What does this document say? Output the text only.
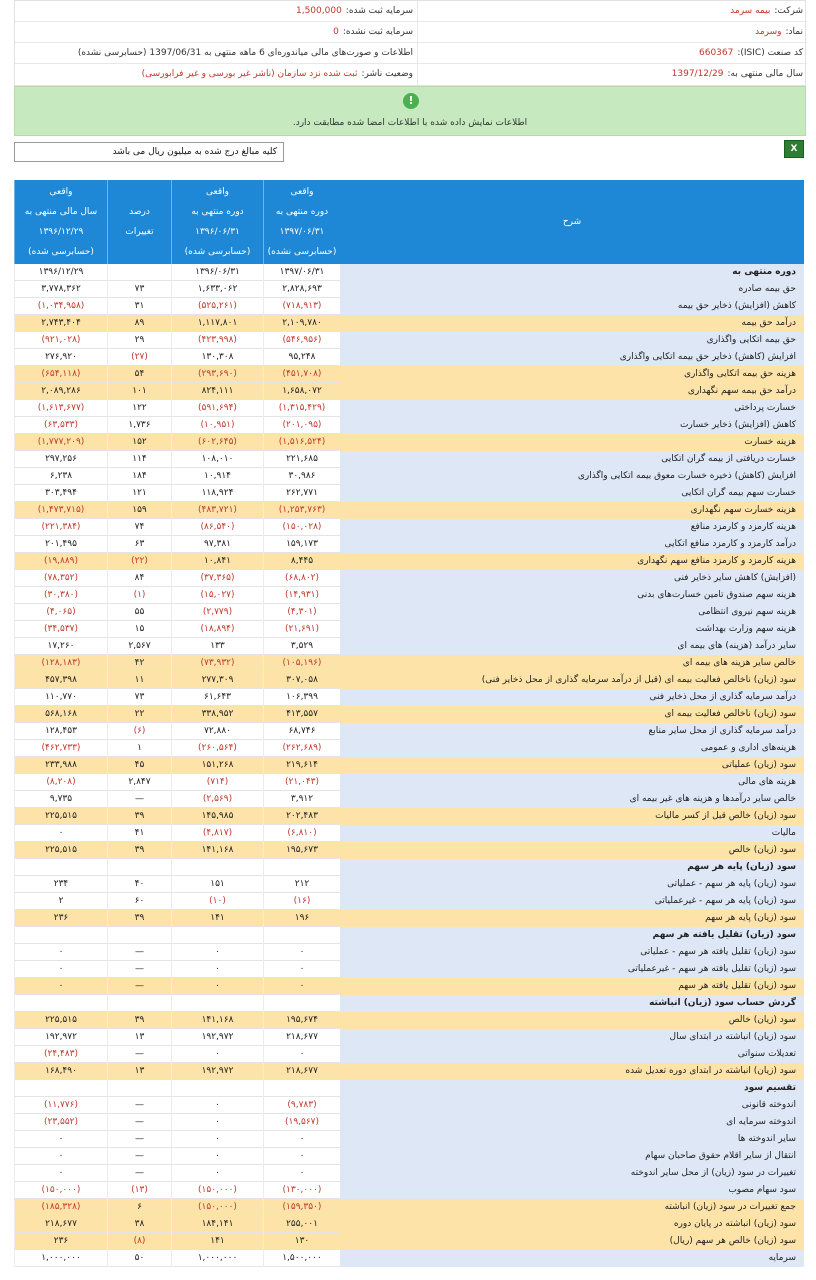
شرکت:بیمه سرمد
سرمایه ثبت شده:1,500,000
نماد:وسرمد
سرمایه ثبت نشده:0
کد صنعت (ISIC):660367
اطلاعات و صورت‌های مالی میاندوره‌ای 6 ماهه منتهی به 1397/06/31 (حسابرسی نشده)
سال مالی منتهی به:1397/12/29
وضعیت ناشر:ثبت شده نزد سازمان (ناشر غیر بورسی و غیر فرابورسی)
!
اطلاعات نمایش داده شده با اطلاعات امضا شده مطابقت دارد.
X
کلیه مبالغ درج شده به میلیون ریال می باشد
شرح
واقعی
دوره منتهی به
۱۳۹۷/۰۶/۳۱
(حسابرسی نشده)
واقعی
دوره منتهی به
۱۳۹۶/۰۶/۳۱
(حسابرسی شده)
درصد
تغییرات
واقعی
سال مالی منتهی به
۱۳۹۶/۱۲/۲۹
(حسابرسی شده)
دوره منتهی به
۱۳۹۷/۰۶/۳۱
۱۳۹۶/۰۶/۳۱
۱۳۹۶/۱۲/۲۹
حق بیمه صادره
۲,۸۲۸,۶۹۳
۱,۶۳۳,۰۶۲
۷۳
۳,۷۷۸,۳۶۲
کاهش (افزایش) ذخایر حق بیمه
(۷۱۸,۹۱۳)
(۵۲۵,۲۶۱)
۳۱
(۱,۰۳۴,۹۵۸)
درآمد حق بیمه
۲,۱۰۹,۷۸۰
۱,۱۱۷,۸۰۱
۸۹
۲,۷۴۳,۴۰۴
حق بیمه اتکایی واگذاری
(۵۴۶,۹۵۶)
(۴۲۳,۹۹۸)
۲۹
(۹۲۱,۰۲۸)
افزایش (کاهش) ذخایر حق بیمه اتکایی واگذاری
۹۵,۲۴۸
۱۳۰,۳۰۸
(۲۷)
۲۷۶,۹۲۰
هزینه حق بیمه اتکایی واگذاری
(۴۵۱,۷۰۸)
(۲۹۳,۶۹۰)
۵۴
(۶۵۴,۱۱۸)
درآمد حق بیمه سهم نگهداری
۱,۶۵۸,۰۷۲
۸۲۴,۱۱۱
۱۰۱
۲,۰۸۹,۲۸۶
خسارت پرداختی
(۱,۳۱۵,۴۲۹)
(۵۹۱,۶۹۴)
۱۲۲
(۱,۶۱۳,۶۷۷)
کاهش (افزایش) ذخایر خسارت
(۲۰۱,۰۹۵)
(۱۰,۹۵۱)
۱,۷۳۶
(۶۳,۵۳۳)
هزینه خسارت
(۱,۵۱۶,۵۲۴)
(۶۰۲,۶۴۵)
۱۵۲
(۱,۷۷۷,۲۰۹)
خسارت دریافتی از بیمه گران اتکایی
۲۲۱,۶۸۵
۱۰۸,۰۱۰
۱۱۴
۲۹۷,۲۵۶
افزایش (کاهش) ذخیره خسارت معوق بیمه اتکایی واگذاری
۳۰,۹۸۶
۱۰,۹۱۴
۱۸۴
۶,۲۳۸
خسارت سهم بیمه گران اتکایی
۲۶۲,۷۷۱
۱۱۸,۹۲۴
۱۲۱
۳۰۳,۴۹۴
هزینه خسارت سهم نگهداری
(۱,۲۵۳,۷۶۳)
(۴۸۳,۷۲۱)
۱۵۹
(۱,۴۷۳,۷۱۵)
هزینه کارمزد و کارمزد منافع
(۱۵۰,۰۲۸)
(۸۶,۵۴۰)
۷۴
(۲۲۱,۳۸۴)
درآمد کارمزد و کارمزد منافع اتکایی
۱۵۹,۱۷۳
۹۷,۳۸۱
۶۳
۲۰۱,۴۹۵
هزینه کارمزد و کارمزد منافع سهم نگهداری
۸,۴۴۵
۱۰,۸۴۱
(۲۲)
(۱۹,۸۸۹)
(افزایش) کاهش سایر ذخایر فنی
(۶۸,۸۰۲)
(۳۷,۳۶۵)
۸۴
(۷۸,۳۵۲)
هزینه سهم صندوق تامین خسارت‌های بدنی
(۱۴,۹۳۱)
(۱۵,۰۲۷)
(۱)
(۳۰,۳۸۰)
هزینه سهم نیروی انتظامی
(۴,۳۰۱)
(۲,۷۷۹)
۵۵
(۴,۰۶۵)
هزینه سهم وزارت بهداشت
(۲۱,۶۹۱)
(۱۸,۸۹۴)
۱۵
(۳۴,۵۳۷)
سایر درآمد (هزینه) های بیمه ای
۳,۵۲۹
۱۳۳
۲,۵۶۷
۱۷,۲۶۰
خالص سایر هزینه های بیمه ای
(۱۰۵,۱۹۶)
(۷۳,۹۳۲)
۴۲
(۱۲۸,۱۸۳)
سود (زیان) ناخالص فعالیت بیمه ای (قبل از درآمد سرمایه گذاری از محل ذخایر فنی)
۳۰۷,۰۵۸
۲۷۷,۳۰۹
۱۱
۴۵۷,۳۹۸
درآمد سرمایه گذاری از محل ذخایر فنی
۱۰۶,۳۹۹
۶۱,۶۴۳
۷۳
۱۱۰,۷۷۰
سود (زیان) ناخالص فعالیت بیمه ای
۴۱۳,۵۵۷
۳۳۸,۹۵۲
۲۲
۵۶۸,۱۶۸
درآمد سرمایه گذاری از محل سایر منابع
۶۸,۷۴۶
۷۲,۸۸۰
(۶)
۱۲۸,۴۵۳
هزینه‌های اداری و عمومی
(۲۶۲,۶۸۹)
(۲۶۰,۵۶۴)
۱
(۴۶۲,۷۳۳)
سود (زیان) عملیاتی
۲۱۹,۶۱۴
۱۵۱,۲۶۸
۴۵
۲۳۳,۹۸۸
هزینه های مالی
(۲۱,۰۴۳)
(۷۱۴)
۲,۸۴۷
(۸,۲۰۸)
خالص سایر درآمدها و هزینه های غیر بیمه ای
۳,۹۱۲
(۲,۵۶۹)
—
۹,۷۳۵
سود (زیان) خالص قبل از کسر مالیات
۲۰۲,۴۸۳
۱۴۵,۹۸۵
۳۹
۲۲۵,۵۱۵
مالیات
(۶,۸۱۰)
(۴,۸۱۷)
۴۱
۰
سود (زیان) خالص
۱۹۵,۶۷۳
۱۴۱,۱۶۸
۳۹
۲۲۵,۵۱۵
سود (زیان) پایه هر سهم
سود (زیان) پایه هر سهم - عملیاتی
۲۱۲
۱۵۱
۴۰
۲۳۴
سود (زیان) پایه هر سهم - غیرعملیاتی
(۱۶)
(۱۰)
۶۰
۲
سود (زیان) پایه هر سهم
۱۹۶
۱۴۱
۳۹
۲۳۶
سود (زیان) تقلیل یافته هر سهم
سود (زیان) تقلیل یافته هر سهم - عملیاتی
۰
۰
—
۰
سود (زیان) تقلیل یافته هر سهم - غیرعملیاتی
۰
۰
—
۰
سود (زیان) تقلیل یافته هر سهم
۰
۰
—
۰
گردش حساب سود (زیان) انباشته
سود (زیان) خالص
۱۹۵,۶۷۴
۱۴۱,۱۶۸
۳۹
۲۲۵,۵۱۵
سود (زیان) انباشته در ابتدای سال
۲۱۸,۶۷۷
۱۹۲,۹۷۲
۱۳
۱۹۲,۹۷۲
تعدیلات سنواتی
۰
۰
—
(۲۴,۴۸۳)
سود (زیان) انباشته در ابتدای دوره تعدیل شده
۲۱۸,۶۷۷
۱۹۲,۹۷۲
۱۳
۱۶۸,۴۹۰
تقسیم سود
اندوخته قانونی
(۹,۷۸۳)
۰
—
(۱۱,۷۷۶)
اندوخته سرمایه ای
(۱۹,۵۶۷)
۰
—
(۲۳,۵۵۲)
سایر اندوخته ها
۰
۰
—
۰
انتقال از سایر اقلام حقوق صاحبان سهام
۰
۰
—
۰
تغییرات در سود (زیان) از محل سایر اندوخته
۰
۰
—
۰
سود سهام مصوب
(۱۳۰,۰۰۰)
(۱۵۰,۰۰۰)
(۱۳)
(۱۵۰,۰۰۰)
جمع تغییرات در سود (زیان) انباشته
(۱۵۹,۳۵۰)
(۱۵۰,۰۰۰)
۶
(۱۸۵,۳۲۸)
سود (زیان) انباشته در پایان دوره
۲۵۵,۰۰۱
۱۸۴,۱۴۱
۳۸
۲۱۸,۶۷۷
سود (زیان) خالص هر سهم (ریال)
۱۳۰
۱۴۱
(۸)
۲۳۶
سرمایه
۱,۵۰۰,۰۰۰
۱,۰۰۰,۰۰۰
۵۰
۱,۰۰۰,۰۰۰
